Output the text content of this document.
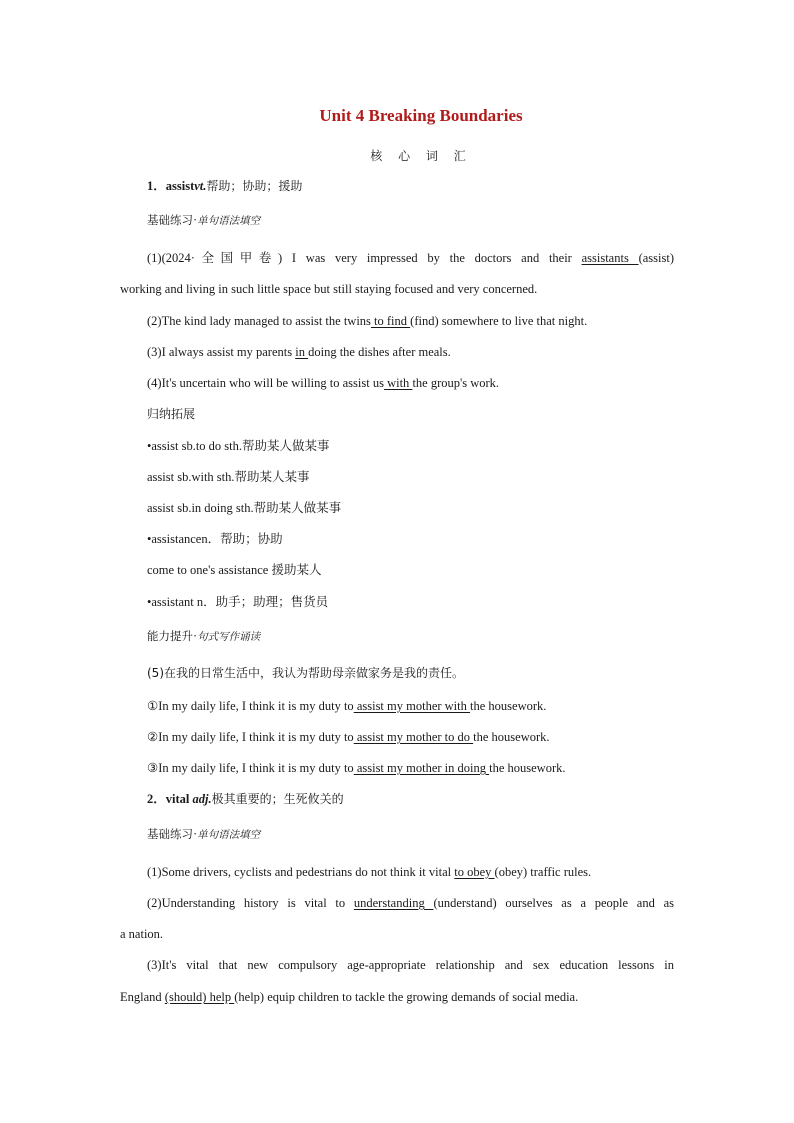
Unit 4 Breaking Boundaries
核 心 词 汇
1．assistvt.帮助；协助；援助
基础练习·单句语法填空
(1)(2024·全国甲卷) I was very impressed by the doctors and their assistants (assist)
working and living in such little space but still staying focused and very concerned.
(2)The kind lady managed to assist the twins to find (find) somewhere to live that night.
(3)I always assist my parents in doing the dishes after meals.
(4)It's uncertain who will be willing to assist us with the group's work.
归纳拓展
•assist sb.to do sth.帮助某人做某事
assist sb.with sth.帮助某人某事
assist sb.in doing sth.帮助某人做某事
•assistancen．帮助；协助
come to one's assistance 援助某人
•assistant n．助手；助理；售货员
能力提升·句式写作诵读
(5)在我的日常生活中，我认为帮助母亲做家务是我的责任。
①In my daily life, I think it is my duty to assist my mother with the housework.
②In my daily life, I think it is my duty to assist my mother to do the housework.
③In my daily life, I think it is my duty to assist my mother in doing the housework.
2．vital adj.极其重要的；生死攸关的
基础练习·单句语法填空
(1)Some drivers, cyclists and pedestrians do not think it vital to obey (obey) traffic rules.
(2)Understanding history is vital to understanding (understand) ourselves as a people and as
a nation.
(3)It's vital that new compulsory age-appropriate relationship and sex education lessons in
England (should) help (help) equip children to tackle the growing demands of social media.
